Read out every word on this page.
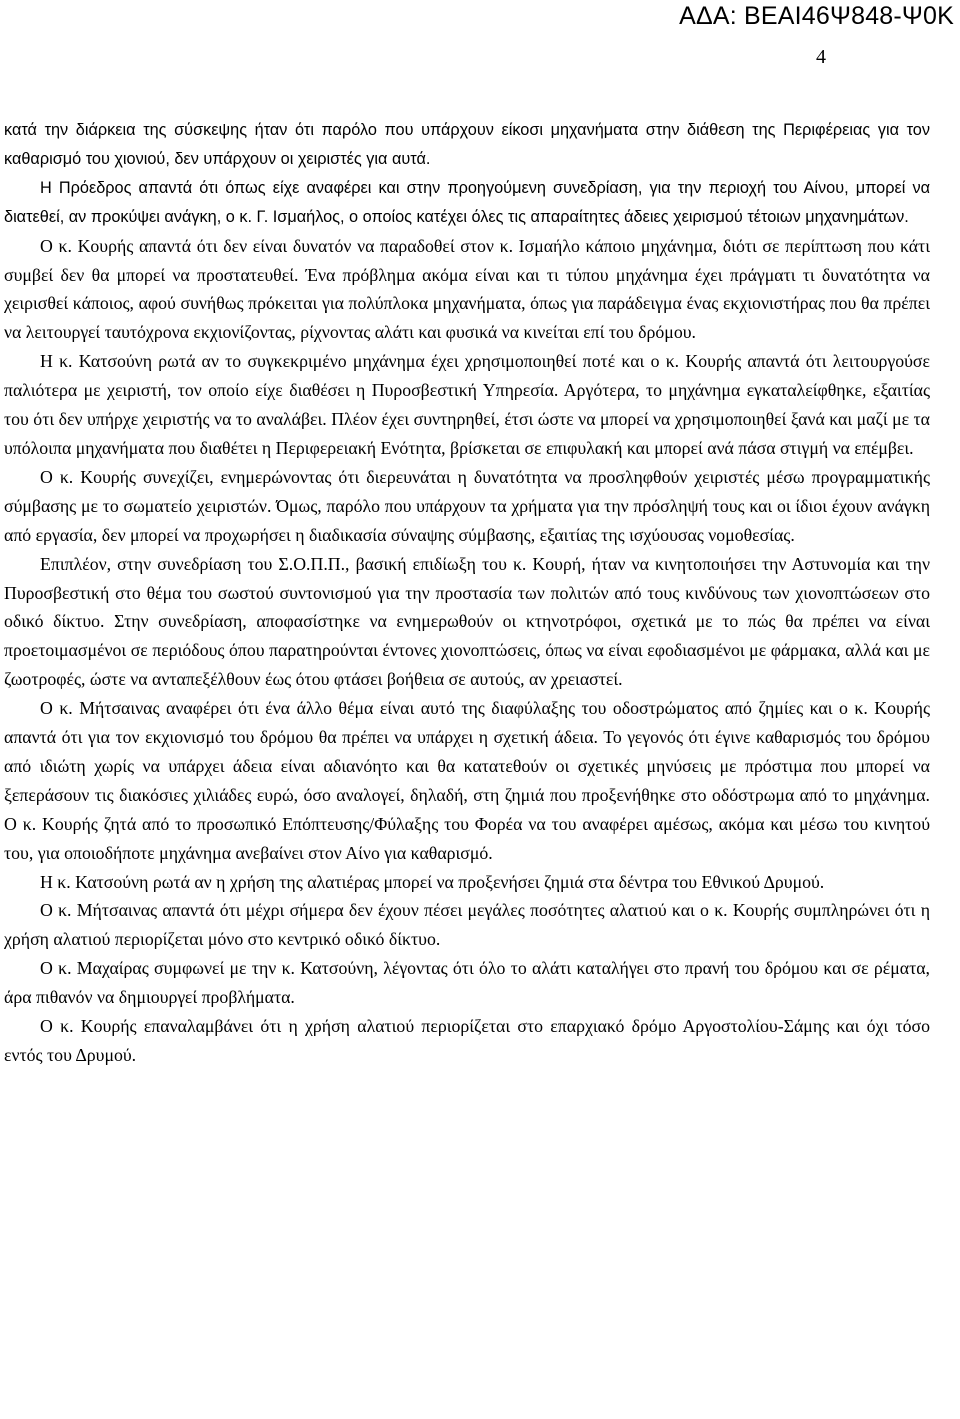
ΑΔΑ: ΒΕΑΙ46Ψ848-Ψ0Κ
4

κατά την διάρκεια της σύσκεψης ήταν ότι παρόλο που υπάρχουν είκοσι μηχανήματα στην διάθεση της Περιφέρειας για τον καθαρισμό του χιονιού, δεν υπάρχουν οι χειριστές για αυτά.

Η Πρόεδρος απαντά ότι όπως είχε αναφέρει και στην προηγούμενη συνεδρίαση, για την περιοχή του Αίνου, μπορεί να διατεθεί, αν προκύψει ανάγκη, ο κ. Γ. Ισμαήλος, ο οποίος κατέχει όλες τις απαραίτητες άδειες χειρισμού τέτοιων μηχανημάτων.

Ο κ. Κουρής απαντά ότι δεν είναι δυνατόν να παραδοθεί στον κ. Ισμαήλο κάποιο μηχάνημα, διότι σε περίπτωση που κάτι συμβεί δεν θα μπορεί να προστατευθεί. Ένα πρόβλημα ακόμα είναι και τι τύπου μηχάνημα έχει πράγματι τι δυνατότητα να χειρισθεί κάποιος, αφού συνήθως πρόκειται για πολύπλοκα μηχανήματα, όπως για παράδειγμα ένας εκχιονιστήρας που θα πρέπει να λειτουργεί ταυτόχρονα εκχιονίζοντας, ρίχνοντας αλάτι και φυσικά να κινείται επί του δρόμου.

Η κ. Κατσούνη ρωτά αν το συγκεκριμένο μηχάνημα έχει χρησιμοποιηθεί ποτέ και ο κ. Κουρής απαντά ότι λειτουργούσε παλιότερα με χειριστή, τον οποίο είχε διαθέσει η Πυροσβεστική Υπηρεσία. Αργότερα, το μηχάνημα εγκαταλείφθηκε, εξαιτίας του ότι δεν υπήρχε χειριστής να το αναλάβει. Πλέον έχει συντηρηθεί, έτσι ώστε να μπορεί να χρησιμοποιηθεί ξανά και μαζί με τα υπόλοιπα μηχανήματα που διαθέτει η Περιφερειακή Ενότητα, βρίσκεται σε επιφυλακή και μπορεί ανά πάσα στιγμή να επέμβει.

Ο κ. Κουρής συνεχίζει, ενημερώνοντας ότι διερευνάται η δυνατότητα να προσληφθούν χειριστές μέσω προγραμματικής σύμβασης με το σωματείο χειριστών. Όμως, παρόλο που υπάρχουν τα χρήματα για την πρόσληψή τους και οι ίδιοι έχουν ανάγκη από εργασία, δεν μπορεί να προχωρήσει η διαδικασία σύναψης σύμβασης, εξαιτίας της ισχύουσας νομοθεσίας.

Επιπλέον, στην συνεδρίαση του Σ.Ο.Π.Π., βασική επιδίωξη του κ. Κουρή, ήταν να κινητοποιήσει την Αστυνομία και την Πυροσβεστική στο θέμα του σωστού συντονισμού για την προστασία των πολιτών από τους κινδύνους των χιονοπτώσεων στο οδικό δίκτυο. Στην συνεδρίαση, αποφασίστηκε να ενημερωθούν οι κτηνοτρόφοι, σχετικά με το πώς θα πρέπει να είναι προετοιμασμένοι σε περιόδους όπου παρατηρούνται έντονες χιονοπτώσεις, όπως να είναι εφοδιασμένοι με φάρμακα, αλλά και με ζωοτροφές, ώστε να ανταπεξέλθουν έως ότου φτάσει βοήθεια σε αυτούς, αν χρειαστεί.

Ο κ. Μήτσαινας αναφέρει ότι ένα άλλο θέμα είναι αυτό της διαφύλαξης του οδοστρώματος από ζημίες και ο κ. Κουρής απαντά ότι για τον εκχιονισμό του δρόμου θα πρέπει να υπάρχει η σχετική άδεια. Το γεγονός ότι έγινε καθαρισμός του δρόμου από ιδιώτη χωρίς να υπάρχει άδεια είναι αδιανόητο και θα κατατεθούν οι σχετικές μηνύσεις με πρόστιμα που μπορεί να ξεπεράσουν τις διακόσιες χιλιάδες ευρώ, όσο αναλογεί, δηλαδή, στη ζημιά που προξενήθηκε στο οδόστρωμα από το μηχάνημα. Ο κ. Κουρής ζητά από το προσωπικό Επόπτευσης/Φύλαξης του Φορέα να του αναφέρει αμέσως, ακόμα και μέσω του κινητού του, για οποιοδήποτε μηχάνημα ανεβαίνει στον Αίνο για καθαρισμό.

Η κ. Κατσούνη ρωτά αν η χρήση της αλατιέρας μπορεί να προξενήσει ζημιά στα δέντρα του Εθνικού Δρυμού.

Ο κ. Μήτσαινας απαντά ότι μέχρι σήμερα δεν έχουν πέσει μεγάλες ποσότητες αλατιού και ο κ. Κουρής συμπληρώνει ότι η χρήση αλατιού περιορίζεται μόνο στο κεντρικό οδικό δίκτυο.

Ο κ. Μαχαίρας συμφωνεί με την κ. Κατσούνη, λέγοντας ότι όλο το αλάτι καταλήγει στο πρανή του δρόμου και σε ρέματα, άρα πιθανόν να δημιουργεί προβλήματα.

Ο κ. Κουρής επαναλαμβάνει ότι η χρήση αλατιού περιορίζεται στο επαρχιακό δρόμο Αργοστολίου-Σάμης και όχι τόσο εντός του Δρυμού.
